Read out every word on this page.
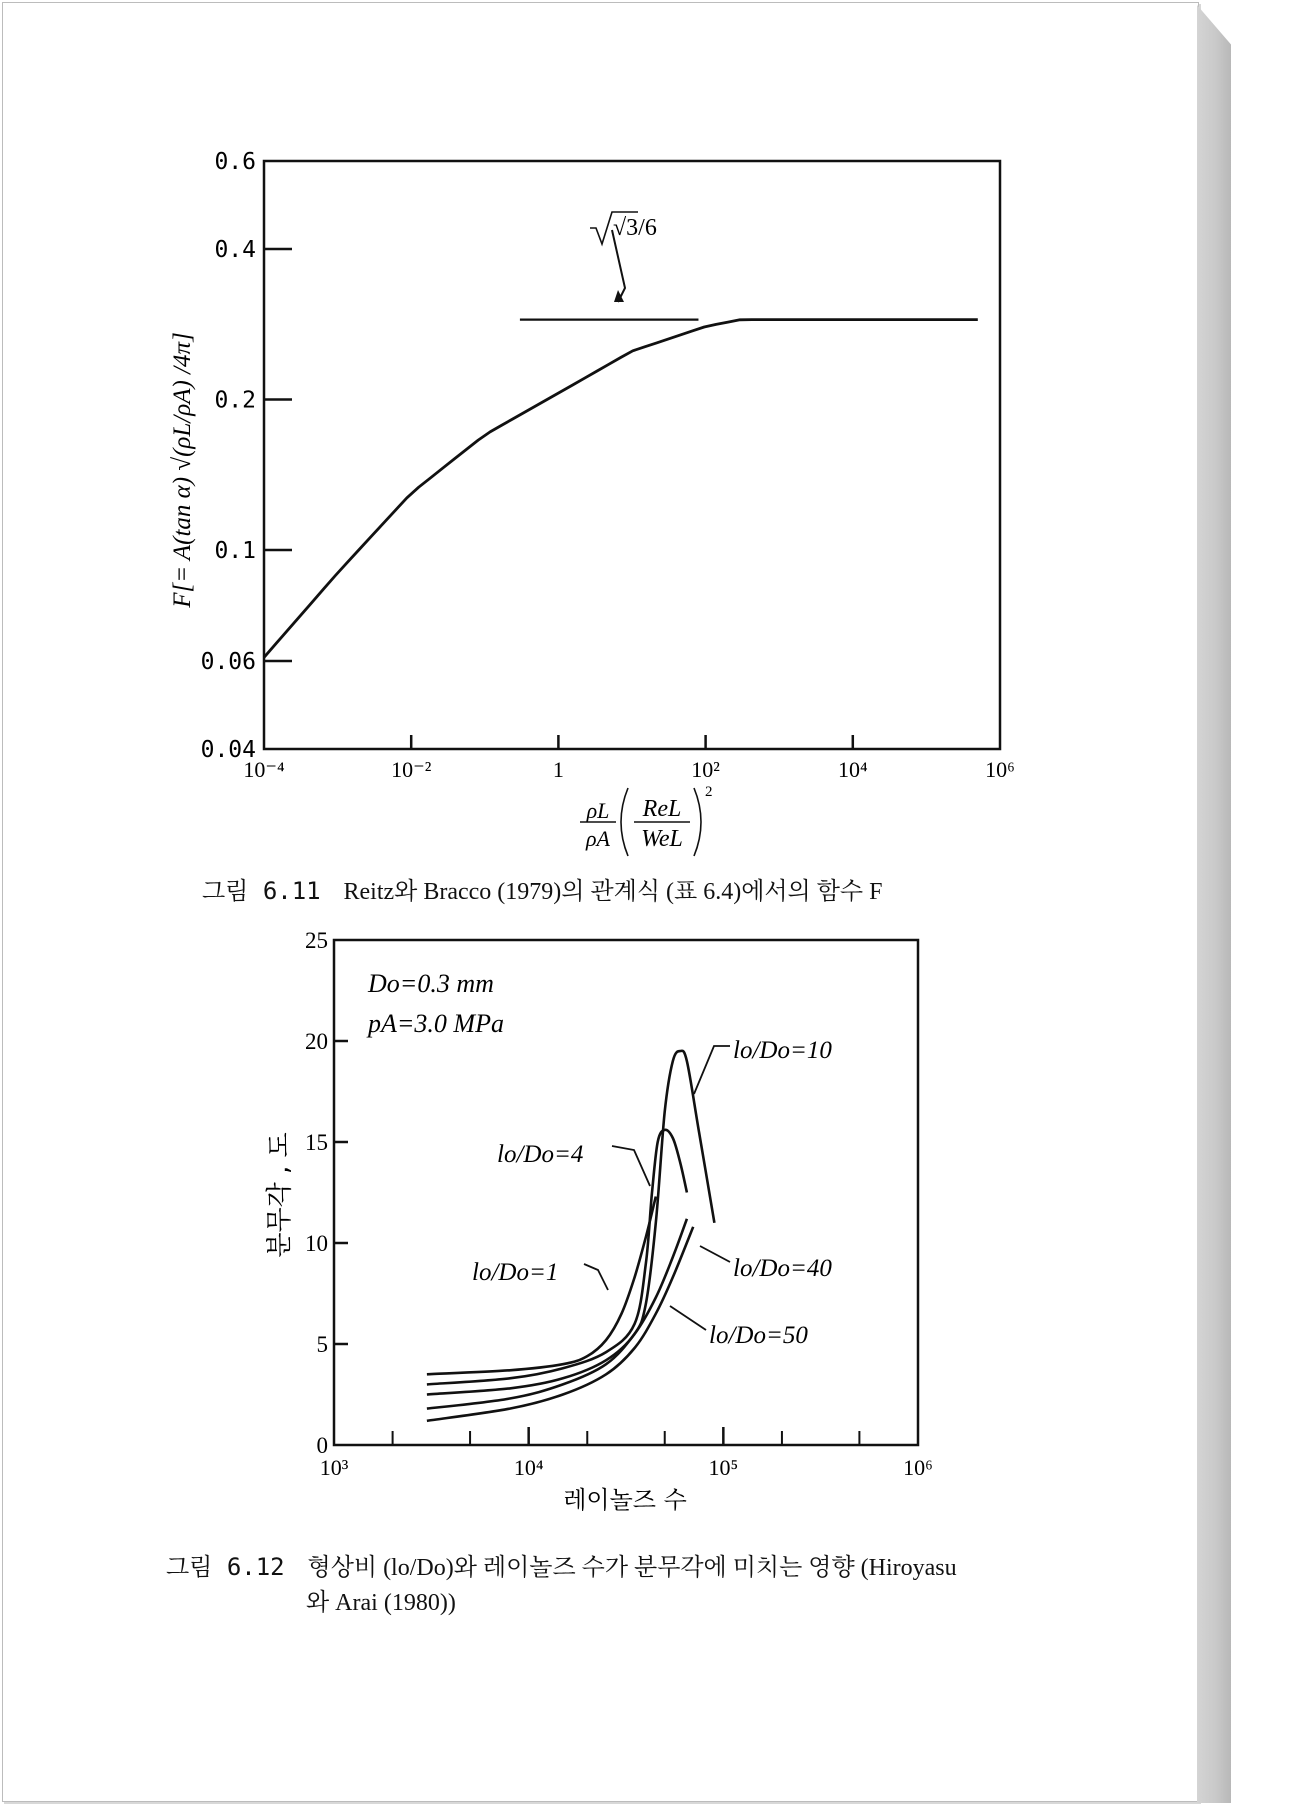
10⁻⁴	10⁻²	1	10²	10⁴	10⁶
0.04
0.06
0.1
0.2
0.4
0.6
√3/6
F[= A(tan α) √(ρL/ρA) /4π]
ρL
ρA
ReL
WeL
2
그림 6.11 Reitz와 Bracco (1979)의 관계식 (표 6.4)에서의 함수 F
10³	10⁴	10⁵	10⁶
0
5
10
15
20
25
lo/Do=1
lo/Do=4
lo/Do=10
lo/Do=40
lo/Do=50
Do=0.3 mm
pA=3.0 MPa
분무각 , 도
레이놀즈 수
그림 6.12 형상비 (lo/Do)와 레이놀즈 수가 분무각에 미치는 영향 (Hiroyasu
와 Arai (1980))
